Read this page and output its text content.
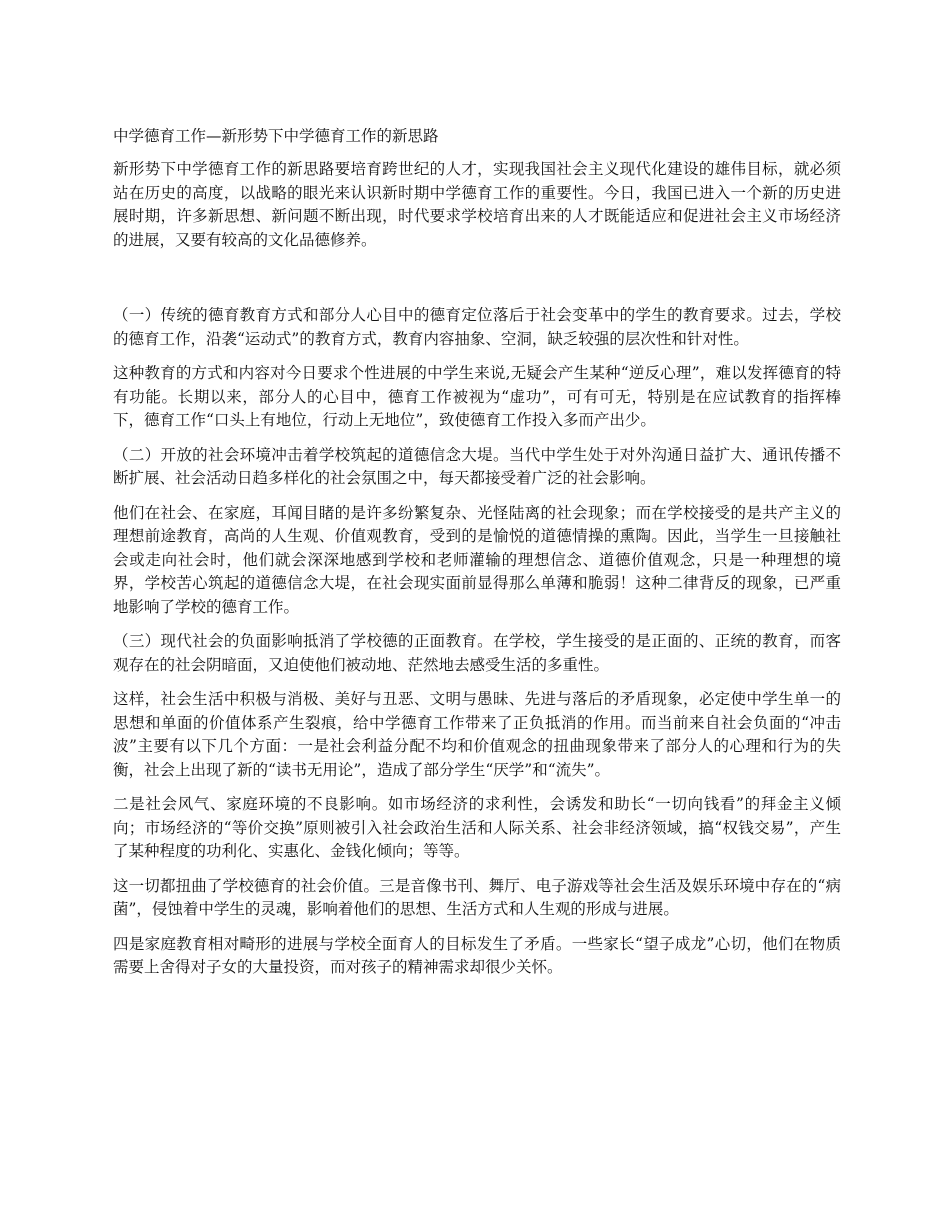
中学德育工作—新形势下中学德育工作的新思路

新形势下中学德育工作的新思路要培育跨世纪的人才，实现我国社会主义现代化建设的雄伟目标，就必须站在历史的高度，以战略的眼光来认识新时期中学德育工作的重要性。今日，我国已进入一个新的历史进展时期，许多新思想、新问题不断出现，时代要求学校培育出来的人才既能适应和促进社会主义市场经济的进展，又要有较高的文化品德修养。

（一）传统的德育教育方式和部分人心目中的德育定位落后于社会变革中的学生的教育要求。过去，学校的德育工作，沿袭“运动式”的教育方式，教育内容抽象、空洞，缺乏较强的层次性和针对性。

这种教育的方式和内容对今日要求个性进展的中学生来说,无疑会产生某种“逆反心理”，难以发挥德育的特有功能。长期以来，部分人的心目中，德育工作被视为“虚功”，可有可无，特别是在应试教育的指挥棒下，德育工作“口头上有地位，行动上无地位”，致使德育工作投入多而产出少。

（二）开放的社会环境冲击着学校筑起的道德信念大堤。当代中学生处于对外沟通日益扩大、通讯传播不断扩展、社会活动日趋多样化的社会氛围之中，每天都接受着广泛的社会影响。

他们在社会、在家庭，耳闻目睹的是许多纷繁复杂、光怪陆离的社会现象；而在学校接受的是共产主义的理想前途教育，高尚的人生观、价值观教育，受到的是愉悦的道德情操的熏陶。因此，当学生一旦接触社会或走向社会时，他们就会深深地感到学校和老师灌输的理想信念、道德价值观念，只是一种理想的境界，学校苦心筑起的道德信念大堤，在社会现实面前显得那么单薄和脆弱！这种二律背反的现象，已严重地影响了学校的德育工作。

（三）现代社会的负面影响抵消了学校德的正面教育。在学校，学生接受的是正面的、正统的教育，而客观存在的社会阴暗面，又迫使他们被动地、茫然地去感受生活的多重性。

这样，社会生活中积极与消极、美好与丑恶、文明与愚昧、先进与落后的矛盾现象，必定使中学生单一的思想和单面的价值体系产生裂痕，给中学德育工作带来了正负抵消的作用。而当前来自社会负面的“冲击波”主要有以下几个方面：一是社会利益分配不均和价值观念的扭曲现象带来了部分人的心理和行为的失衡，社会上出现了新的“读书无用论”，造成了部分学生“厌学”和“流失”。

二是社会风气、家庭环境的不良影响。如市场经济的求利性，会诱发和助长“一切向钱看”的拜金主义倾向；市场经济的“等价交换”原则被引入社会政治生活和人际关系、社会非经济领域，搞“权钱交易”，产生了某种程度的功利化、实惠化、金钱化倾向；等等。

这一切都扭曲了学校德育的社会价值。三是音像书刊、舞厅、电子游戏等社会生活及娱乐环境中存在的“病菌”，侵蚀着中学生的灵魂，影响着他们的思想、生活方式和人生观的形成与进展。

四是家庭教育相对畸形的进展与学校全面育人的目标发生了矛盾。一些家长“望子成龙”心切，他们在物质需要上舍得对子女的大量投资，而对孩子的精神需求却很少关怀。
